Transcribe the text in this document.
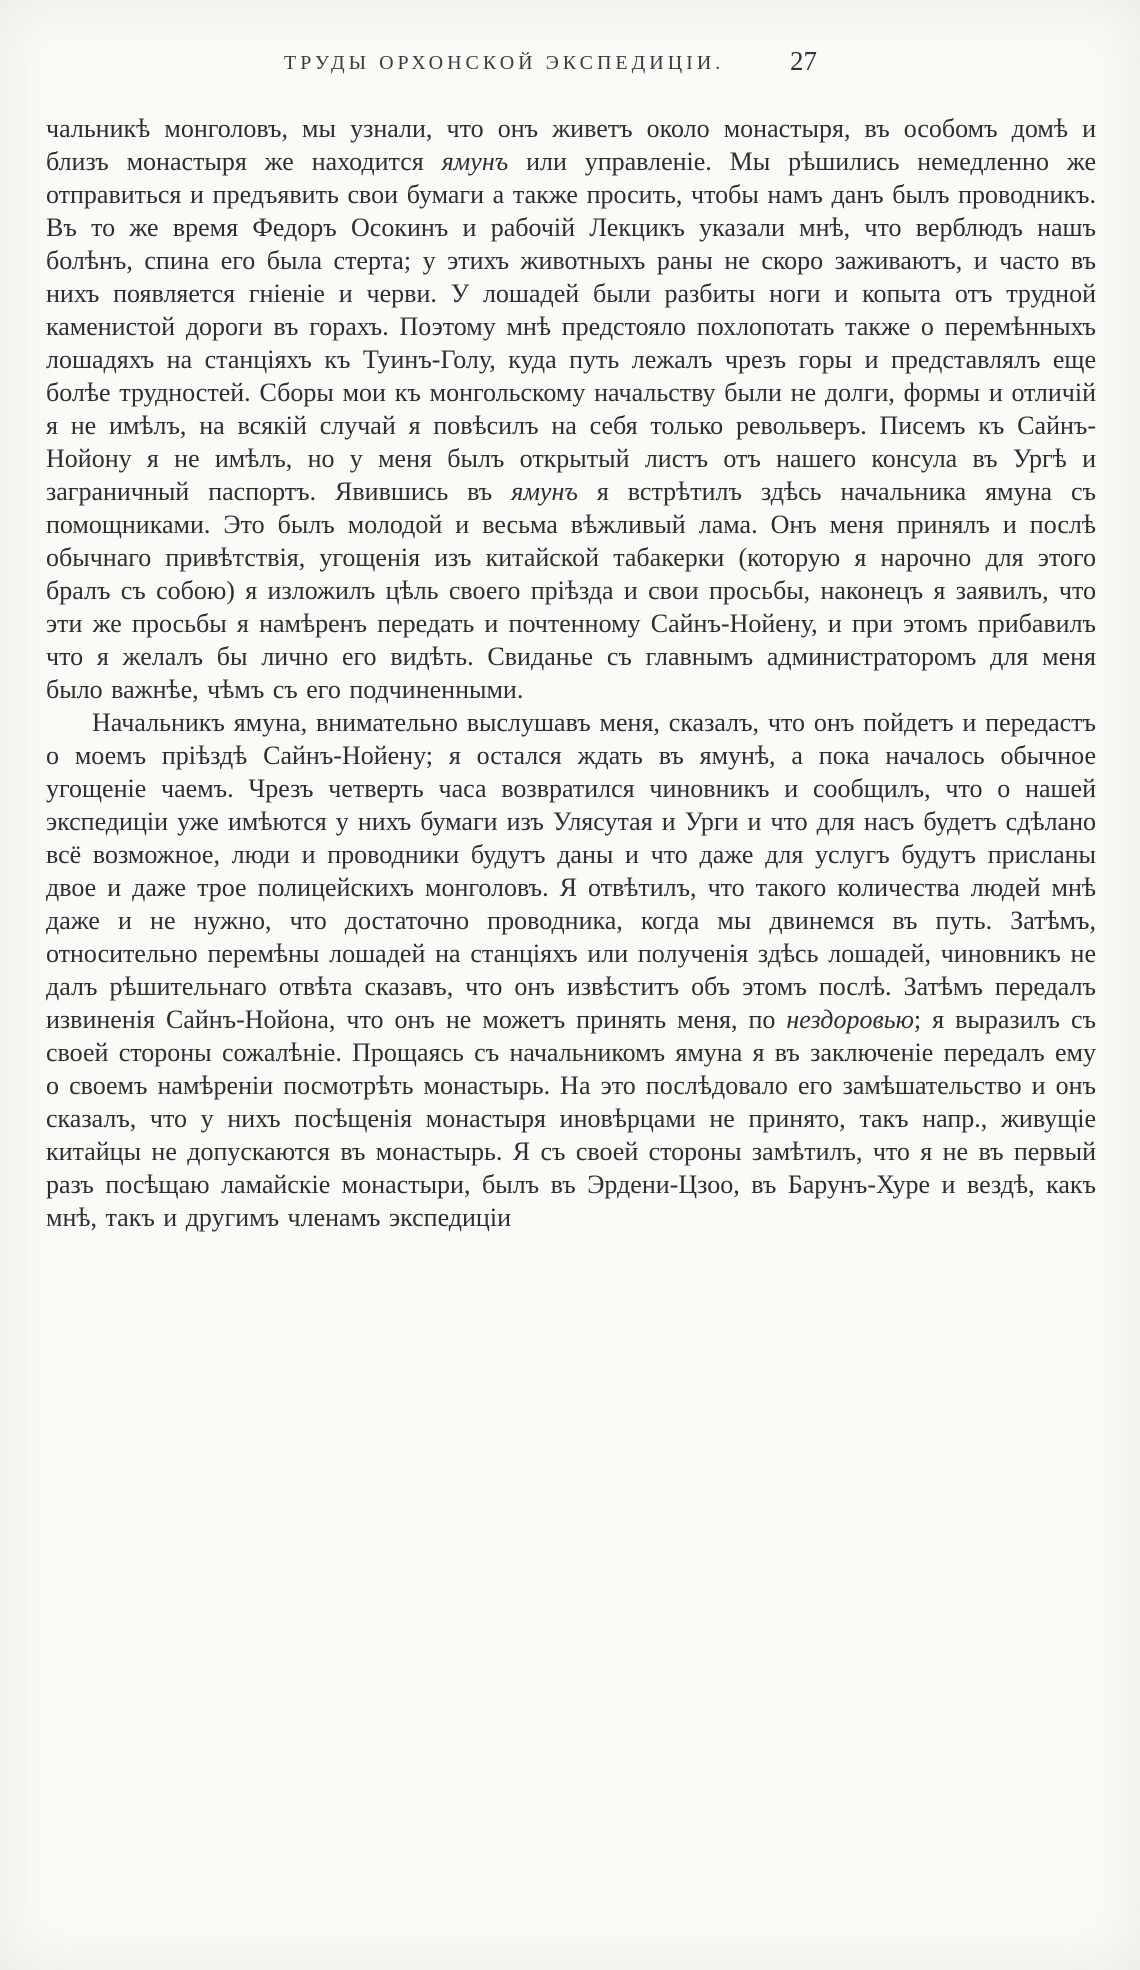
ТРУДЫ ОРХОНСКОЙ ЭКСПЕДИЦІИ. 27

чальникѣ монголовъ, мы узнали, что онъ живетъ около монастыря, въ особомъ домѣ и близъ монастыря же находится ямунъ или управленіе. Мы рѣшились немедленно же отправиться и предъявить свои бумаги а также просить, чтобы намъ данъ былъ проводникъ. Въ то же время Федоръ Осокинъ и рабочій Лекцикъ указали мнѣ, что верблюдъ нашъ болѣнъ, спина его была стерта; у этихъ животныхъ раны не скоро заживаютъ, и часто въ нихъ появляется гніеніе и черви. У лошадей были разбиты ноги и копыта отъ трудной каменистой дороги въ горахъ. Поэтому мнѣ предстояло похлопотать также о перемѣнныхъ лошадяхъ на станціяхъ къ Туинъ-Голу, куда путь лежалъ чрезъ горы и представлялъ еще болѣе трудностей. Сборы мои къ монгольскому начальству были не долги, формы и отличій я не имѣлъ, на всякій случай я повѣсилъ на себя только револьверъ. Писемъ къ Сайнъ-Нойону я не имѣлъ, но у меня былъ открытый листъ отъ нашего консула въ Ургѣ и заграничный паспортъ. Явившись въ ямунъ я встрѣтилъ здѣсь начальника ямуна съ помощниками. Это былъ молодой и весьма вѣжливый лама. Онъ меня принялъ и послѣ обычнаго привѣтствія, угощенія изъ китайской табакерки (которую я нарочно для этого бралъ съ собою) я изложилъ цѣль своего пріѣзда и свои просьбы, наконецъ я заявилъ, что эти же просьбы я намѣренъ передать и почтенному Сайнъ-Нойену, и при этомъ прибавилъ что я желалъ бы лично его видѣть. Свиданье съ главнымъ администраторомъ для меня было важнѣе, чѣмъ съ его подчиненными.

Начальникъ ямуна, внимательно выслушавъ меня, сказалъ, что онъ пойдетъ и передастъ о моемъ пріѣздѣ Сайнъ-Нойену; я остался ждать въ ямунѣ, а пока началось обычное угощеніе чаемъ. Чрезъ четверть часа возвратился чиновникъ и сообщилъ, что о нашей экспедиціи уже имѣются у нихъ бумаги изъ Улясутая и Урги и что для насъ будетъ сдѣлано всё возможное, люди и проводники будутъ даны и что даже для услугъ будутъ присланы двое и даже трое полицейскихъ монголовъ. Я отвѣтилъ, что такого количества людей мнѣ даже и не нужно, что достаточно проводника, когда мы двинемся въ путь. Затѣмъ, относительно перемѣны лошадей на станціяхъ или полученія здѣсь лошадей, чиновникъ не далъ рѣшительнаго отвѣта сказавъ, что онъ извѣститъ объ этомъ послѣ. Затѣмъ передалъ извиненія Сайнъ-Нойона, что онъ не можетъ принять меня, по нездоровью; я выразилъ съ своей стороны сожалѣніе. Прощаясь съ начальникомъ ямуна я въ заключеніе передалъ ему о своемъ намѣреніи посмотрѣть монастырь. На это послѣдовало его замѣшательство и онъ сказалъ, что у нихъ посѣщенія монастыря иновѣрцами не принято, такъ напр., живущіе китайцы не допускаются въ монастырь. Я съ своей стороны замѣтилъ, что я не въ первый разъ посѣщаю ламайскіе монастыри, былъ въ Эрдени-Цзоо, въ Барунъ-Хуре и вездѣ, какъ мнѣ, такъ и другимъ членамъ экспедиціи
